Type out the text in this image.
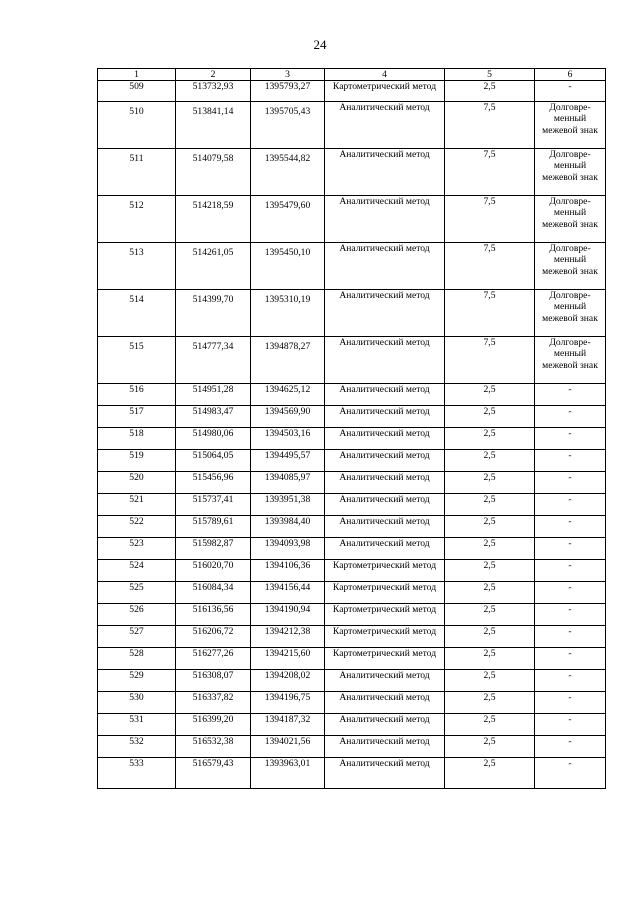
24
1	2	3	4	5	6
509	513732,93	1395793,27	Картометрический метод	2,5	-

510	513841,14	1395705,43	Аналитический метод	7,5	Долговре-менный межевой знак

511	514079,58	1395544,82	Аналитический метод	7,5	Долговре-менный межевой знак

512	514218,59	1395479,60	Аналитический метод	7,5	Долговре-менный межевой знак

513	514261,05	1395450,10	Аналитический метод	7,5	Долговре-менный межевой знак

514	514399,70	1395310,19	Аналитический метод	7,5	Долговре-менный межевой знак

515	514777,34	1394878,27	Аналитический метод	7,5	Долговре-менный межевой знак
516	514951,28	1394625,12	Аналитический метод	2,5	-
517	514983,47	1394569,90	Аналитический метод	2,5	-
518	514980,06	1394503,16	Аналитический метод	2,5	-
519	515064,05	1394495,57	Аналитический метод	2,5	-
520	515456,96	1394085,97	Аналитический метод	2,5	-
521	515737,41	1393951,38	Аналитический метод	2,5	-
522	515789,61	1393984,40	Аналитический метод	2,5	-
523	515982,87	1394093,98	Аналитический метод	2,5	-
524	516020,70	1394106,36	Картометрический метод	2,5	-
525	516084,34	1394156,44	Картометрический метод	2,5	-
526	516136,56	1394190,94	Картометрический метод	2,5	-
527	516206,72	1394212,38	Картометрический метод	2,5	-
528	516277,26	1394215,60	Картометрический метод	2,5	-
529	516308,07	1394208,02	Аналитический метод	2,5	-
530	516337,82	1394196,75	Аналитический метод	2,5	-
531	516399,20	1394187,32	Аналитический метод	2,5	-
532	516532,38	1394021,56	Аналитический метод	2,5	-
533	516579,43	1393963,01	Аналитический метод	2,5	-
